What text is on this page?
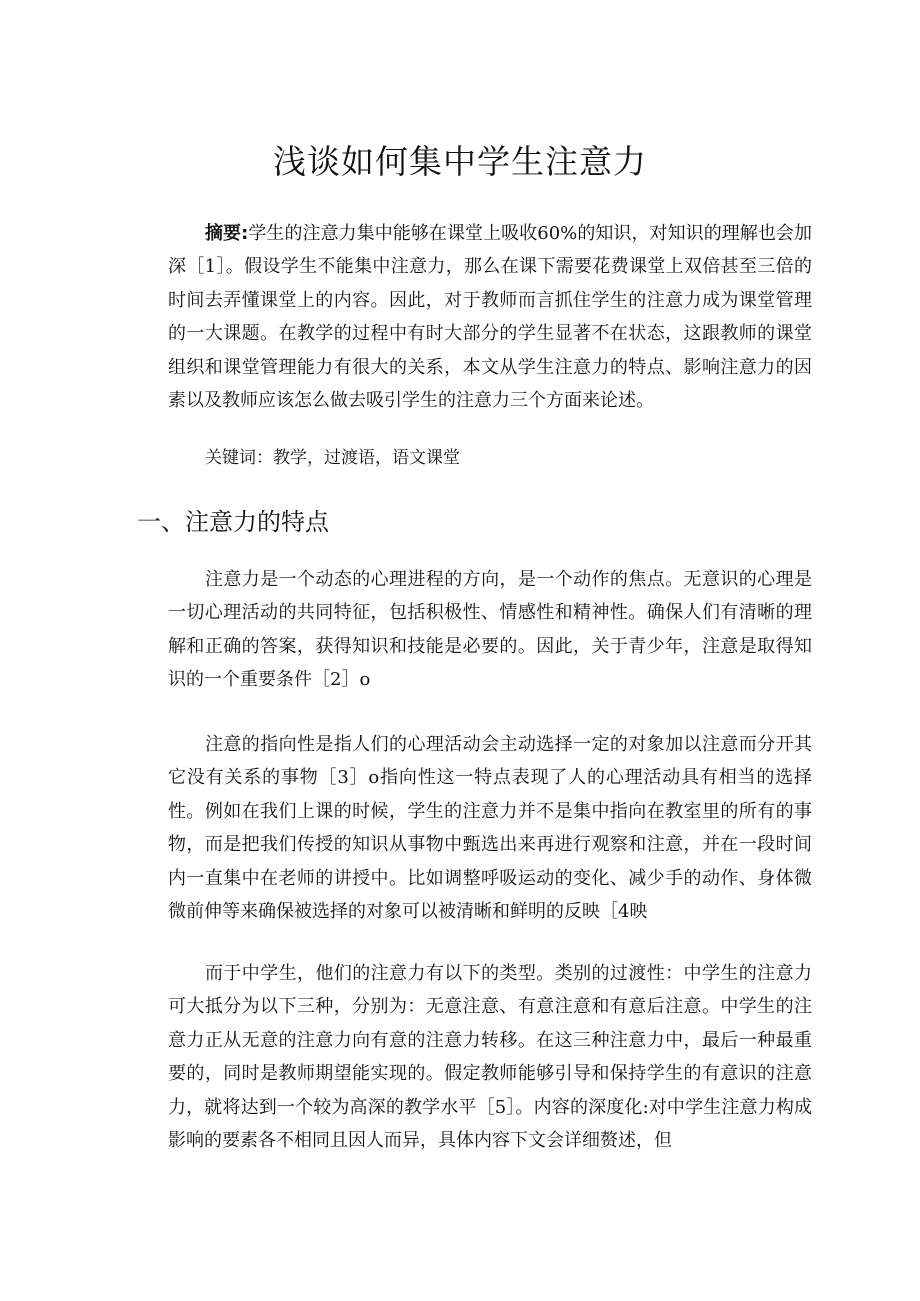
浅谈如何集中学生注意力

摘要:学生的注意力集中能够在课堂上吸收60%的知识，对知识的理解也会加深［1］。假设学生不能集中注意力，那么在课下需要花费课堂上双倍甚至三倍的时间去弄懂课堂上的内容。因此，对于教师而言抓住学生的注意力成为课堂管理的一大课题。在教学的过程中有时大部分的学生显著不在状态，这跟教师的课堂组织和课堂管理能力有很大的关系，本文从学生注意力的特点、影响注意力的因素以及教师应该怎么做去吸引学生的注意力三个方面来论述。

关键词：教学，过渡语，语文课堂

一、注意力的特点

注意力是一个动态的心理进程的方向，是一个动作的焦点。无意识的心理是一切心理活动的共同特征，包括积极性、情感性和精神性。确保人们有清晰的理解和正确的答案，获得知识和技能是必要的。因此，关于青少年，注意是取得知识的一个重要条件［2］o

注意的指向性是指人们的心理活动会主动选择一定的对象加以注意而分开其它没有关系的事物［3］o指向性这一特点表现了人的心理活动具有相当的选择性。例如在我们上课的时候，学生的注意力并不是集中指向在教室里的所有的事物，而是把我们传授的知识从事物中甄选出来再进行观察和注意，并在一段时间内一直集中在老师的讲授中。比如调整呼吸运动的变化、减少手的动作、身体微微前伸等来确保被选择的对象可以被清晰和鲜明的反映［4映

而于中学生，他们的注意力有以下的类型。类别的过渡性：中学生的注意力可大抵分为以下三种，分别为：无意注意、有意注意和有意后注意。中学生的注意力正从无意的注意力向有意的注意力转移。在这三种注意力中，最后一种最重要的，同时是教师期望能实现的。假定教师能够引导和保持学生的有意识的注意力，就将达到一个较为高深的教学水平［5］。内容的深度化:对中学生注意力构成影响的要素各不相同且因人而异，具体内容下文会详细赘述，但
